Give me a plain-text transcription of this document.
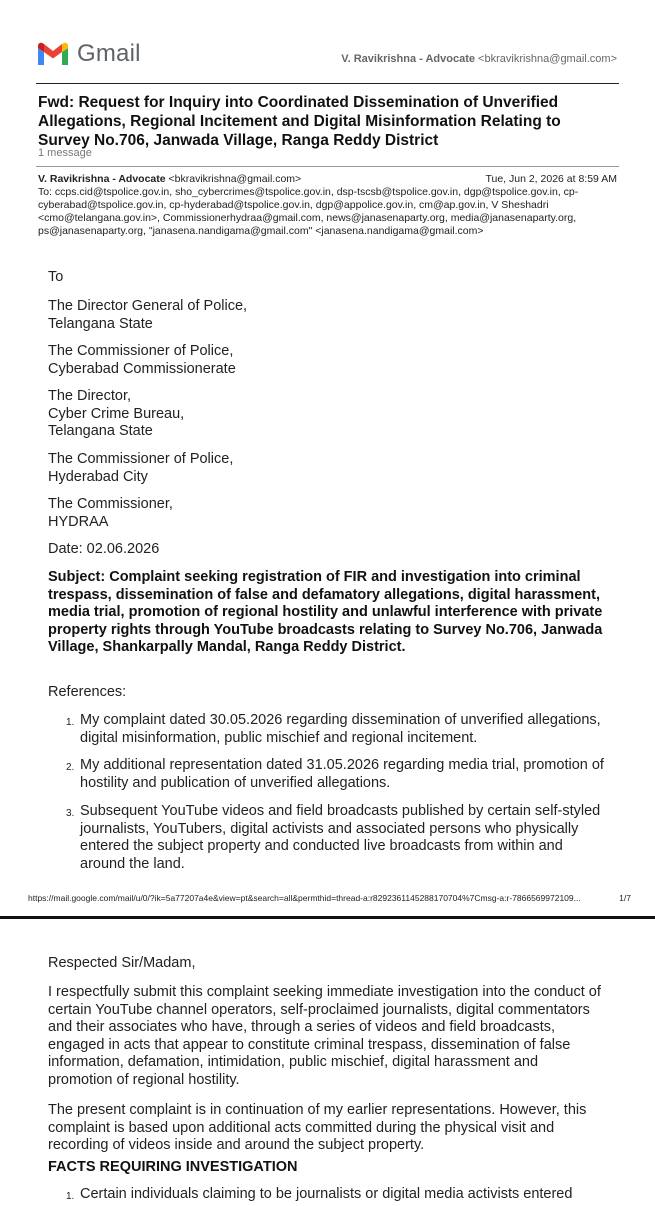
Gmail	V. Ravikrishna - Advocate <bkravikrishna@gmail.com>
Fwd: Request for Inquiry into Coordinated Dissemination of Unverified Allegations, Regional Incitement and Digital Misinformation Relating to Survey No.706, Janwada Village, Ranga Reddy District
1 message
V. Ravikrishna - Advocate <bkravikrishna@gmail.com>	Tue, Jun 2, 2026 at 8:59 AM
To: ccps.cid@tspolice.gov.in, sho_cybercrimes@tspolice.gov.in, dsp-tscsb@tspolice.gov.in, dgp@tspolice.gov.in, cp-cyberabad@tspolice.gov.in, cp-hyderabad@tspolice.gov.in, dgp@appolice.gov.in, cm@ap.gov.in, V Sheshadri <cmo@telangana.gov.in>, Commissionerhydraa@gmail.com, news@janasenaparty.org, media@janasenaparty.org, ps@janasenaparty.org, "janasena.nandigama@gmail.com" <janasena.nandigama@gmail.com>
To
The Director General of Police,
Telangana State
The Commissioner of Police,
Cyberabad Commissionerate
The Director,
Cyber Crime Bureau,
Telangana State
The Commissioner of Police,
Hyderabad City
The Commissioner,
HYDRAA
Date: 02.06.2026
Subject: Complaint seeking registration of FIR and investigation into criminal trespass, dissemination of false and defamatory allegations, digital harassment, media trial, promotion of regional hostility and unlawful interference with private property rights through YouTube broadcasts relating to Survey No.706, Janwada Village, Shankarpally Mandal, Ranga Reddy District.
References:
1. My complaint dated 30.05.2026 regarding dissemination of unverified allegations, digital misinformation, public mischief and regional incitement.
2. My additional representation dated 31.05.2026 regarding media trial, promotion of hostility and publication of unverified allegations.
3. Subsequent YouTube videos and field broadcasts published by certain self-styled journalists, YouTubers, digital activists and associated persons who physically entered the subject property and conducted live broadcasts from within and around the land.
https://mail.google.com/mail/u/0/?ik=5a77207a4e&view=pt&search=all&permthid=thread-a:r8292361145288170704%7Cmsg-a:r-7866569972109...	1/7
Respected Sir/Madam,
I respectfully submit this complaint seeking immediate investigation into the conduct of certain YouTube channel operators, self-proclaimed journalists, digital commentators and their associates who have, through a series of videos and field broadcasts, engaged in acts that appear to constitute criminal trespass, dissemination of false information, defamation, intimidation, public mischief, digital harassment and promotion of regional hostility.
The present complaint is in continuation of my earlier representations. However, this complaint is based upon additional acts committed during the physical visit and recording of videos inside and around the subject property.
FACTS REQUIRING INVESTIGATION
1. Certain individuals claiming to be journalists or digital media activists entered
